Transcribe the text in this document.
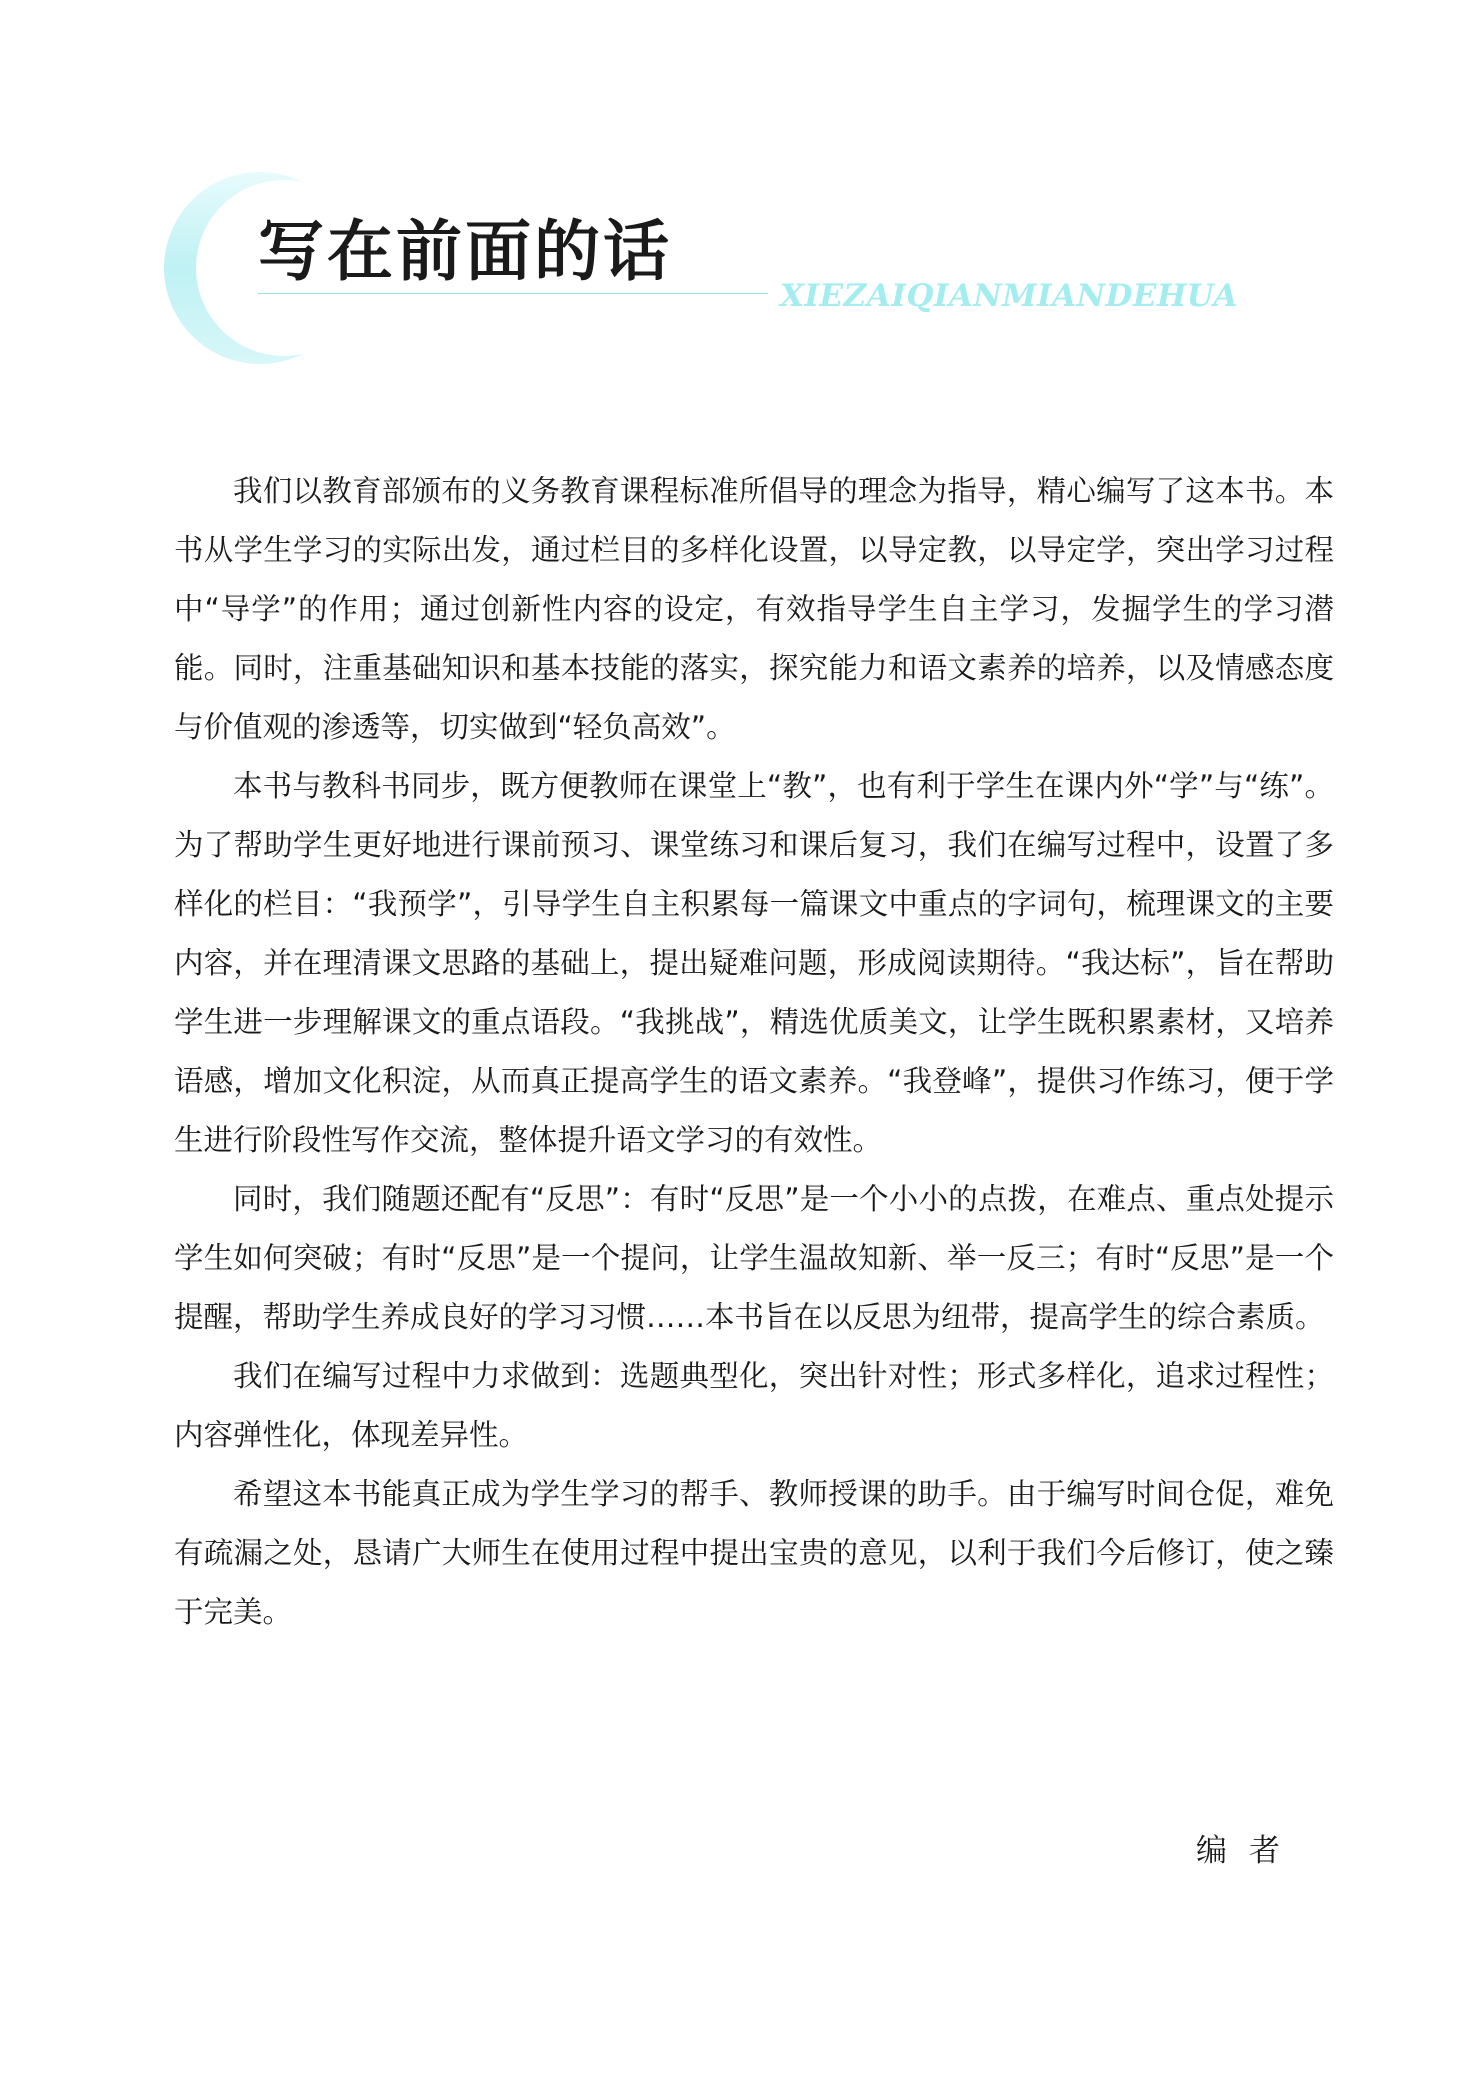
写在前面的话
XIEZAIQIANMIANDEHUA

我们以教育部颁布的义务教育课程标准所倡导的理念为指导，精心编写了这本书。本书从学生学习的实际出发，通过栏目的多样化设置，以导定教，以导定学，突出学习过程中“导学”的作用；通过创新性内容的设定，有效指导学生自主学习，发掘学生的学习潜能。同时，注重基础知识和基本技能的落实，探究能力和语文素养的培养，以及情感态度与价值观的渗透等，切实做到“轻负高效”。

本书与教科书同步，既方便教师在课堂上“教”，也有利于学生在课内外“学”与“练”。为了帮助学生更好地进行课前预习、课堂练习和课后复习，我们在编写过程中，设置了多样化的栏目：“我预学”，引导学生自主积累每一篇课文中重点的字词句，梳理课文的主要内容，并在理清课文思路的基础上，提出疑难问题，形成阅读期待。“我达标”，旨在帮助学生进一步理解课文的重点语段。“我挑战”，精选优质美文，让学生既积累素材，又培养语感，增加文化积淀，从而真正提高学生的语文素养。“我登峰”，提供习作练习，便于学生进行阶段性写作交流，整体提升语文学习的有效性。

同时，我们随题还配有“反思”：有时“反思”是一个小小的点拨，在难点、重点处提示学生如何突破；有时“反思”是一个提问，让学生温故知新、举一反三；有时“反思”是一个提醒，帮助学生养成良好的学习习惯……本书旨在以反思为纽带，提高学生的综合素质。

我们在编写过程中力求做到：选题典型化，突出针对性；形式多样化，追求过程性；内容弹性化，体现差异性。

希望这本书能真正成为学生学习的帮手、教师授课的助手。由于编写时间仓促，难免有疏漏之处，恳请广大师生在使用过程中提出宝贵的意见，以利于我们今后修订，使之臻于完美。

编者
